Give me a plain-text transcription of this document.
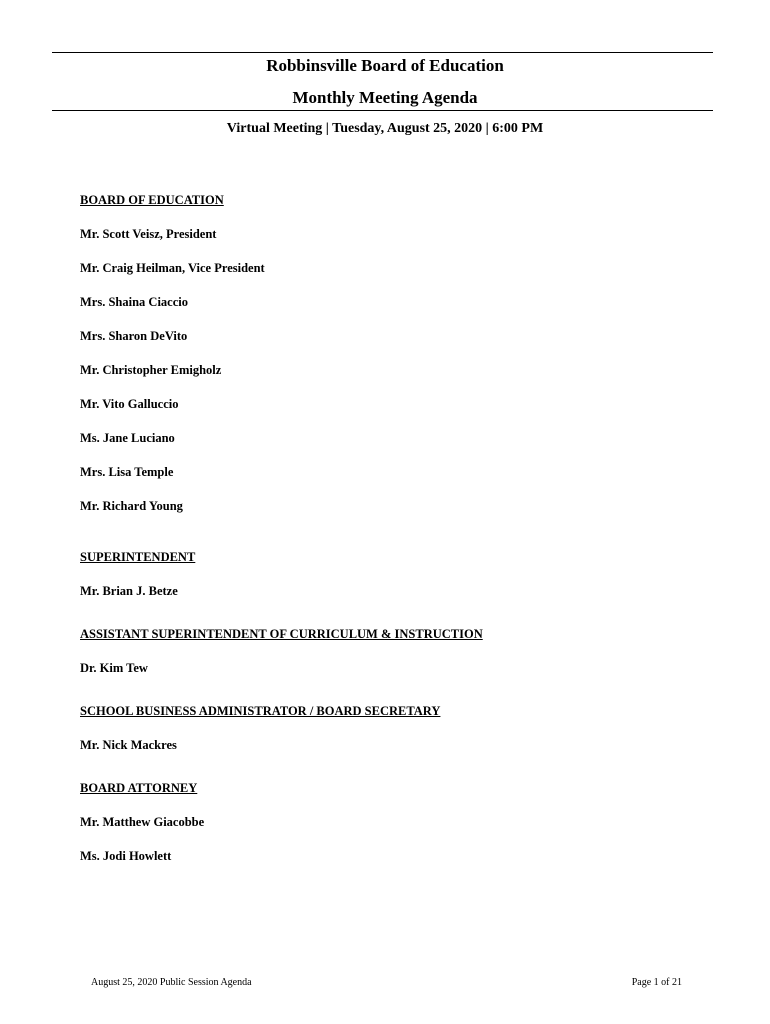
Robbinsville Board of Education
Monthly Meeting Agenda
Virtual Meeting | Tuesday, August 25, 2020 | 6:00 PM
BOARD OF EDUCATION
Mr. Scott Veisz, President
Mr. Craig Heilman, Vice President
Mrs. Shaina Ciaccio
Mrs. Sharon DeVito
Mr. Christopher Emigholz
Mr. Vito Galluccio
Ms. Jane Luciano
Mrs. Lisa Temple
Mr. Richard Young
SUPERINTENDENT
Mr. Brian J. Betze
ASSISTANT SUPERINTENDENT OF CURRICULUM & INSTRUCTION
Dr. Kim Tew
SCHOOL BUSINESS ADMINISTRATOR / BOARD SECRETARY
Mr. Nick Mackres
BOARD ATTORNEY
Mr. Matthew Giacobbe
Ms. Jodi Howlett
August 25, 2020 Public Session Agenda	Page 1 of 21
